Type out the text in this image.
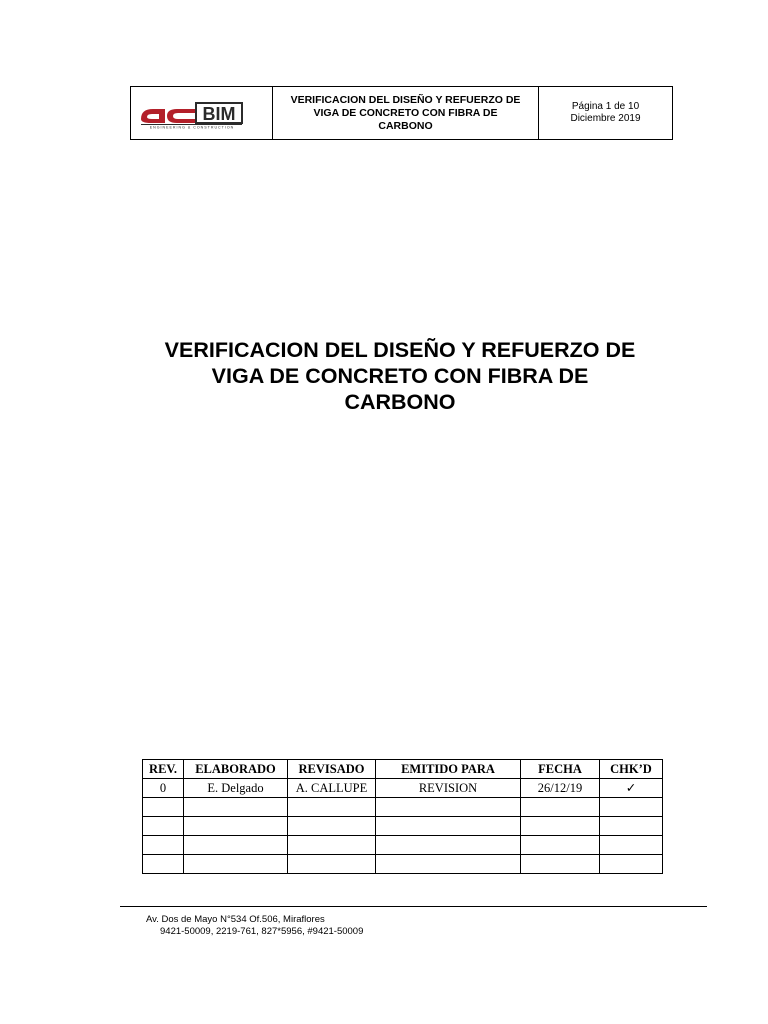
BIM
ENGINEERING & CONSTRUCTION

VERIFICACION DEL DISEÑO Y REFUERZO DE
VIGA DE CONCRETO CON FIBRA DE
CARBONO

Página 1 de 10
Diciembre 2019
VERIFICACION DEL DISEÑO Y REFUERZO DE
VIGA DE CONCRETO CON FIBRA DE
CARBONO
REV.	ELABORADO	REVISADO	EMITIDO PARA	FECHA	CHK’D
0	E. Delgado	A. CALLUPE	REVISION	26/12/19	✓

Av. Dos de Mayo N°534 Of.506, Miraflores
9421-50009, 2219-761, 827*5956, #9421-50009
